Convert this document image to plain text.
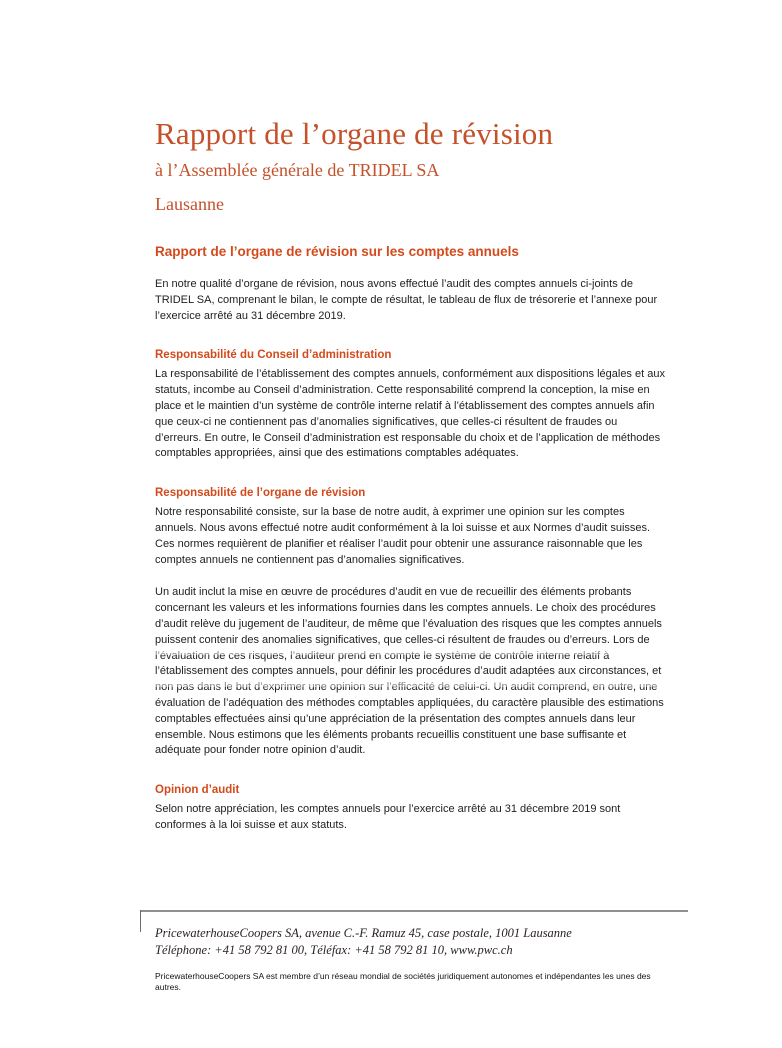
Rapport de l’organe de révision
à l’Assemblée générale de TRIDEL SA
Lausanne
Rapport de l’organe de révision sur les comptes annuels

En notre qualité d’organe de révision, nous avons effectué l’audit des comptes annuels ci-joints de TRIDEL SA, comprenant le bilan, le compte de résultat, le tableau de flux de trésorerie et l’annexe pour l’exercice arrêté au 31 décembre 2019.

Responsabilité du Conseil d’administration

La responsabilité de l’établissement des comptes annuels, conformément aux dispositions légales et aux statuts, incombe au Conseil d’administration. Cette responsabilité comprend la conception, la mise en place et le maintien d’un système de contrôle interne relatif à l’établissement des comptes annuels afin que ceux-ci ne contiennent pas d’anomalies significatives, que celles-ci résultent de fraudes ou d’erreurs. En outre, le Conseil d’administration est responsable du choix et de l’application de méthodes comptables appropriées, ainsi que des estimations comptables adéquates.

Responsabilité de l’organe de révision

Notre responsabilité consiste, sur la base de notre audit, à exprimer une opinion sur les comptes annuels. Nous avons effectué notre audit conformément à la loi suisse et aux Normes d’audit suisses. Ces normes requièrent de planifier et réaliser l’audit pour obtenir une assurance raisonnable que les comptes annuels ne contiennent pas d’anomalies significatives.

Un audit inclut la mise en œuvre de procédures d’audit en vue de recueillir des éléments probants concernant les valeurs et les informations fournies dans les comptes annuels. Le choix des procédures d’audit relève du jugement de l’auditeur, de même que l’évaluation des risques que les comptes annuels puissent contenir des anomalies significatives, que celles-ci résultent de fraudes ou d’erreurs. Lors de l’évaluation de ces risques, l’auditeur prend en compte le système de contrôle interne relatif à l’établissement des comptes annuels, pour définir les procédures d’audit adaptées aux circonstances, et non pas dans le but d’exprimer une opinion sur l’efficacité de celui-ci. Un audit comprend, en outre, une évaluation de l’adéquation des méthodes comptables appliquées, du caractère plausible des estimations comptables effectuées ainsi qu’une appréciation de la présentation des comptes annuels dans leur ensemble. Nous estimons que les éléments probants recueillis constituent une base suffisante et adéquate pour fonder notre opinion d’audit.

Opinion d’audit

Selon notre appréciation, les comptes annuels pour l’exercice arrêté au 31 décembre 2019 sont conformes à la loi suisse et aux statuts.

PricewaterhouseCoopers SA, avenue C.-F. Ramuz 45, case postale, 1001 Lausanne
Téléphone: +41 58 792 81 00, Téléfax: +41 58 792 81 10, www.pwc.ch
PricewaterhouseCoopers SA est membre d’un réseau mondial de sociétés juridiquement autonomes et indépendantes les unes des autres.
